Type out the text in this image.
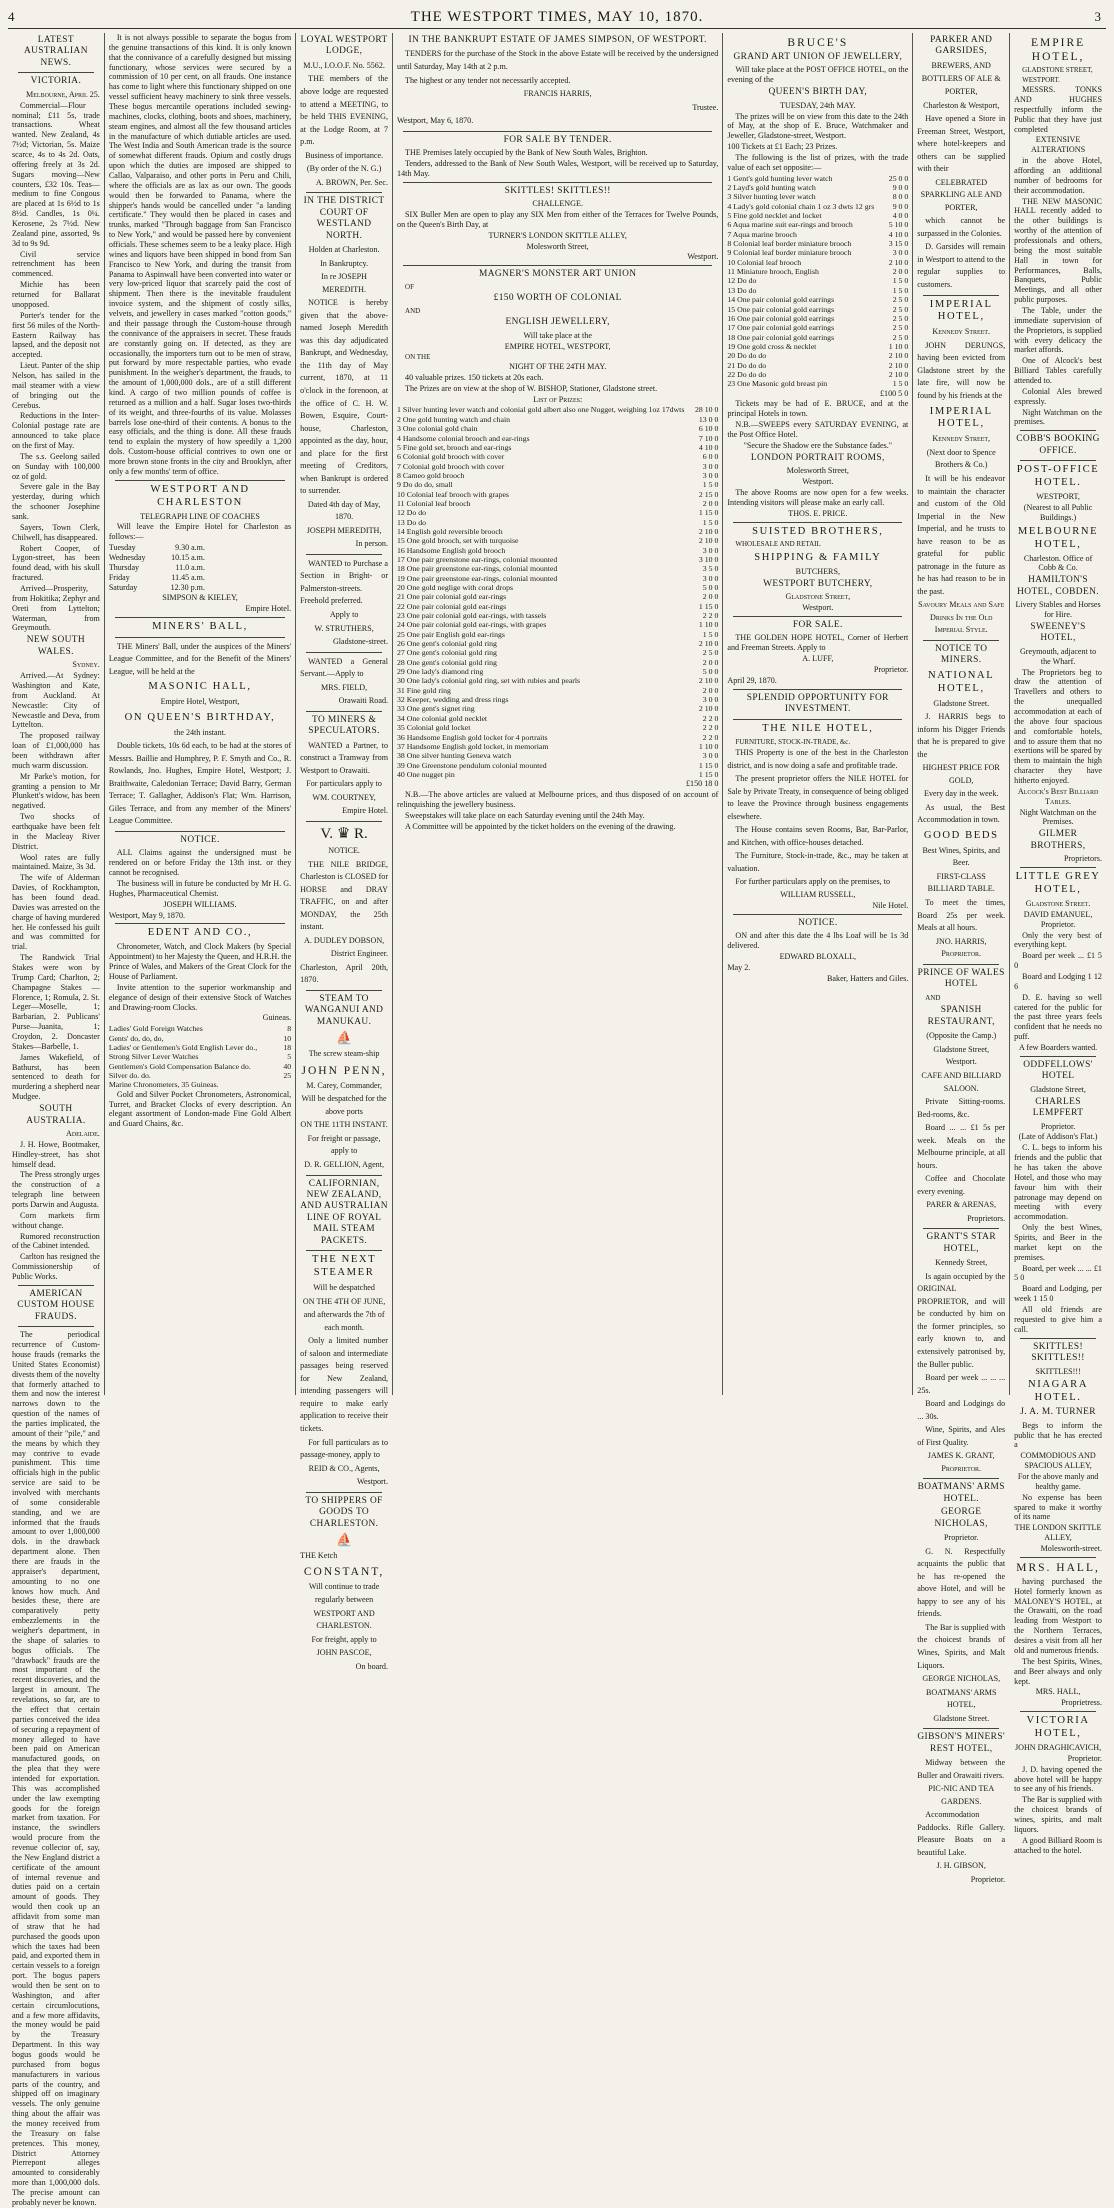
4	THE WESTPORT TIMES, MAY 10, 1870.	3
LATEST AUSTRALIAN NEWS.
VICTORIA.

Melbourne, April 25.

Commercial—Flour nominal; £11 5s, trade transactions. Wheat wanted. New Zealand, 4s 7½d; Victorian, 5s. Maize scarce, 4s to 4s 2d. Oats, offering freely at 3s 2d. Sugars moving—New counters, £32 10s. Teas—medium to fine Congous are placed at 1s 6½d to 1s 8½d. Candles, 1s 0¼. Kerosene, 2s 7½d. New Zealand pine, assorted, 9s 3d to 9s 9d.

Civil service retrenchment has been commenced.

Michie has been returned for Ballarat unopposed.

Porter's tender for the first 56 miles of the North-Eastern Railway has lapsed, and the deposit not accepted.

Lieut. Panter of the ship Nelson, has sailed in the mail steamer with a view of bringing out the Cerebus.

Reductions in the Inter-Colonial postage rate are announced to take place on the first of May.

The s.s. Geelong sailed on Sunday with 100,000 oz of gold.

Severe gale in the Bay yesterday, during which the schooner Josephine sank.

Sayers, Town Clerk, Chilwell, has disappeared.

Robert Cooper, of Lygon-street, has been found dead, with his skull fractured.

Arrived—Prosperity, from Hokitika; Zephyr and Oreti from Lyttelton; Waterman, from Greymouth.

NEW SOUTH WALES.

Sydney.

Arrived.—At Sydney: Washington and Kate, from Auckland. At Newcastle: City of Newcastle and Deva, from Lyttelton.

The proposed railway loan of £1,000,000 has been withdrawn after much warm discussion.

Mr Parke's motion, for granting a pension to Mr Plunkett's widow, has been negatived.

Two shocks of earthquake have been felt in the Macleay River District.

Wool rates are fully maintained. Maize, 3s 3d.

The wife of Alderman Davies, of Rockhampton, has been found dead. Davies was arrested on the charge of having murdered her. He confessed his guilt and was committed for trial.

The Randwick Trial Stakes were won by Trump Card; Charlton, 2; Champagne Stakes — Florence, 1; Romula, 2. St. Leger—Moselle, 1; Barbarian, 2. Publicans' Purse—Juanita, 1; Croydon, 2. Doncaster Stakes—Barbelle, 1.

James Wakefield, of Bathurst, has been sentenced to death for murdering a shepherd near Mudgee.

SOUTH AUSTRALIA.

Adelaide.

J. H. Howe, Bootmaker, Hindley-street, has shot himself dead.

The Press strongly urges the construction of a telegraph line between ports Darwin and Augusta.

Corn markets firm without change.

Rumored reconstruction of the Cabinet intended.

Carlton has resigned the Commissionership of Public Works.

AMERICAN CUSTOM HOUSE FRAUDS.

The periodical recurrence of Custom-house frauds (remarks the United States Economist) divests them of the novelty that formerly attached to them and now the interest narrows down to the question of the names of the parties implicated, the amount of their "pile," and the means by which they may contrive to evade punishment. This time officials high in the public service are said to be involved with merchants of some considerable standing, and we are informed that the frauds amount to over 1,000,000 dols. in the drawback department alone. Then there are frauds in the appraiser's department, amounting to no one knows how much. And besides these, there are comparatively petty embezzlements in the weigher's department, in the shape of salaries to bogus officials. The "drawback" frauds are the most important of the recent discoveries, and the largest in amount. The revelations, so far, are to the effect that certain parties conceived the idea of securing a repayment of money alleged to have been paid on American manufactured goods, on the plea that they were intended for exportation. This was accomplished under the law exempting goods for the foreign market from taxation. For instance, the swindlers would procure from the revenue collector of, say, the New England district a certificate of the amount of internal revenue and duties paid on a certain amount of goods. They would then cook up an affidavit from some man of straw that he had purchased the goods upon which the taxes had been paid, and exported them in certain vessels to a foreign port. The bogus papers would then be sent on to Washington, and after certain circumlocutions, and a few more affidavits, the money would be paid by the Treasury Department. In this way bogus goods would be purchased from bogus manufacturers in various parts of the country, and shipped off on imaginary vessels. The only genuine thing about the affair was the money received from the Treasury on false pretences. This money, District Attorney Pierrepont alleges amounted to considerably more than 1,000,000 dols. The precise amount can probably never be known.

It is not always possible to separate the bogus from the genuine transactions of this kind. It is only known that the connivance of a carefully designed but missing functionary, whose services were secured by a commission of 10 per cent, on all frauds. One instance has come to light where this functionary shipped on one vessel sufficient heavy machinery to sink three vessels. These bogus mercantile operations included sewing-machines, clocks, clothing, boots and shoes, machinery, steam engines, and almost all the few thousand articles in the manufacture of which dutiable articles are used. The West India and South American trade is the source of somewhat different frauds. Opium and costly drugs upon which the duties are imposed are shipped to Callao, Valparaiso, and other ports in Peru and Chili, where the officials are as lax as our own. The goods would then be forwarded to Panama, where the shipper's hands would be cancelled under "a landing certificate." They would then be placed in cases and trunks, marked "Through baggage from San Francisco to New York," and would be passed here by convenient officials. These schemes seem to be a leaky place. High wines and liquors have been shipped in bond from San Francisco to New York, and during the transit from Panama to Aspinwall have been converted into water or very low-priced liquor that scarcely paid the cost of shipment. Then there is the inevitable fraudulent invoice system, and the shipment of costly silks, velvets, and jewellery in cases marked "cotton goods," and their passage through the Custom-house through the connivance of the appraisers in secret. These frauds are constantly going on. If detected, as they are occasionally, the importers turn out to be men of straw, put forward by more respectable parties, who evade punishment. In the weigher's department, the frauds, to the amount of 1,000,000 dols., are of a still different kind. A cargo of two million pounds of coffee is returned as a million and a half. Sugar loses two-thirds of its weight, and three-fourths of its value. Molasses barrels lose one-third of their contents. A bonus to the easy officials, and the thing is done. All these frauds tend to explain the mystery of how speedily a 1,200 dols. Custom-house official contrives to own one or more brown stone fronts in the city and Brooklyn, after only a few months' term of office.

WESTPORT AND CHARLESTON

TELEGRAPH LINE OF COACHES

Will leave the Empire Hotel for Charleston as follows:—

Tuesday	9.30 a.m.
Wednesday	10.15 a.m.
Thursday	11.0 a.m.
Friday	11.45 a.m.
Saturday	12.30 p.m.

SIMPSON & KIELEY,

Empire Hotel.

MINERS' BALL,

THE Miners' Ball, under the auspices of the Miners' League Committee, and for the Benefit of the Miners' League, will be held at the

MASONIC HALL,

Empire Hotel, Westport,

ON QUEEN'S BIRTHDAY,

the 24th instant.

Double tickets, 10s 6d each, to be had at the stores of Messrs. Baillie and Humphrey, P. F. Smyth and Co., R. Rowlands, Jno. Hughes, Empire Hotel, Westport; J. Braithwaite, Caledonian Terrace; David Barry, German Terrace; T. Gallagher, Addison's Flat; Wm. Harrison, Giles Terrace, and from any member of the Miners' League Committee.

NOTICE.

ALL Claims against the undersigned must be rendered on or before Friday the 13th inst. or they cannot be recognised.

The business will in future be conducted by Mr H. G. Hughes, Pharmaceutical Chemist.

JOSEPH WILLIAMS.

Westport, May 9, 1870.

EDENT AND CO.,

Chronometer, Watch, and Clock Makers (by Special Appointment) to her Majesty the Queen, and H.R.H. the Prince of Wales, and Makers of the Great Clock for the House of Parliament.

Invite attention to the superior workmanship and elegance of design of their extensive Stock of Watches and Drawing-room Clocks.

Guineas.

Ladies' Gold Foreign Watches	8
Gents' do, do, do,	10
Ladies' or Gentlemen's Gold English Lever do.,	18
Strong Silver Lever Watches	5
Gentlemen's Gold Compensation Balance do.	40
Silver do. do.	25
Marine Chronometers, 35 Guineas.

Gold and Silver Pocket Chronometers, Astronomical, Turret, and Bracket Clocks of every description. An elegant assortment of London-made Fine Gold Albert and Guard Chains, &c.

LOYAL WESTPORT LODGE,

M.U., I.O.O.F. No. 5562.

THE members of the above lodge are requested to attend a MEETING, to be held THIS EVENING, at the Lodge Room, at 7 p.m.

Business of importance.

(By order of the N. G.)

A. BROWN, Per. Sec.

IN THE DISTRICT COURT OF WESTLAND NORTH.

Holden at Charleston.

In Bankruptcy.

In re JOSEPH MEREDITH.

NOTICE is hereby given that the above-named Joseph Meredith was this day adjudicated Bankrupt, and Wednesday, the 11th day of May current, 1870, at 11 o'clock in the forenoon, at the office of C. H. W. Bowen, Esquire, Court-house, Charleston, appointed as the day, hour, and place for the first meeting of Creditors, when Bankrupt is ordered to surrender.

Dated 4th day of May, 1870.

JOSEPH MEREDITH,

In person.

WANTED to Purchase a Section in Bright- or Palmerston-streets. Freehold preferred.

Apply to

W. STRUTHERS,

Gladstone-street.

WANTED a General Servant.—Apply to

MRS. FIELD,

Orawaiti Road.

TO MINERS & SPECULATORS.

WANTED a Partner, to construct a Tramway from Westport to Orawaiti.

For particulars apply to

WM. COURTNEY,

Empire Hotel.

V. ♛ R.

NOTICE.

THE NILE BRIDGE, Charleston is CLOSED for HORSE and DRAY TRAFFIC, on and after MONDAY, the 25th instant.

A. DUDLEY DOBSON,

District Engineer.

Charleston, April 20th, 1870.

STEAM TO WANGANUI AND MANUKAU.
⛵

The screw steam-ship

JOHN PENN,

M. Carey, Commander,

Will be despatched for the above ports

ON THE 11TH INSTANT.

For freight or passage, apply to

D. R. GELLION, Agent,

CALIFORNIAN, NEW ZEALAND, AND AUSTRALIAN LINE OF ROYAL MAIL STEAM PACKETS.
THE NEXT STEAMER

Will be despatched

ON THE 4TH OF JUNE,

and afterwards the 7th of each month.

Only a limited number of saloon and intermediate passages being reserved for New Zealand, intending passengers will require to make early application to receive their tickets.

For full particulars as to passage-money, apply to

REID & CO., Agents,

Westport.

TO SHIPPERS OF GOODS TO CHARLESTON.
⛵

THE Ketch

CONSTANT,

Will continue to trade regularly between

WESTPORT AND CHARLESTON.

For freight, apply to

JOHN PASCOE,

On board.

IN THE BANKRUPT ESTATE OF JAMES SIMPSON, OF WESTPORT.

TENDERS for the purchase of the Stock in the above Estate will be received by the undersigned until Saturday, May 14th at 2 p.m.

The highest or any tender not necessarily accepted.

FRANCIS HARRIS,

Trustee.

Westport, May 6, 1870.

FOR SALE BY TENDER.

THE Premises lately occupied by the Bank of New South Wales, Brighton.

Tenders, addressed to the Bank of New South Wales, Westport, will be received up to Saturday, 14th May.

SKITTLES! SKITTLES!!

CHALLENGE.

SIX Buller Men are open to play any SIX Men from either of the Terraces for Twelve Pounds, on the Queen's Birth Day, at

TURNER'S LONDON SKITTLE ALLEY,

Molesworth Street,

Westport.

MAGNER'S MONSTER ART UNION

OF

£150 WORTH OF COLONIAL

AND

ENGLISH JEWELLERY,

Will take place at the

EMPIRE HOTEL, WESTPORT,

ON THE

NIGHT OF THE 24TH MAY.

40 valuable prizes. 150 tickets at 20s each.

The Prizes are on view at the shop of W. BISHOP, Stationer, Gladstone street.

List of Prizes:

1 Silver hunting lever watch and colonial gold albert also one Nugget, weighing 1oz 17dwts	28 10 0
2 One gold hunting watch and chain	13 0 0
3 One colonial gold chain	6 10 0
4 Handsome colonial brooch and ear-rings	7 10 0
5 Fine gold set, brooch and ear-rings	4 10 0
6 Colonial gold brooch with cover	6 0 0
7 Colonial gold brooch with cover	3 0 0
8 Cameo gold brooch	3 0 0
9 Do do do, small	1 5 0
10 Colonial leaf brooch with grapes	2 15 0
11 Colonial leaf brooch	2 0 0
12 Do do	1 15 0
13 Do do	1 5 0
14 English gold reversible brooch	2 10 0
15 One gold brooch, set with turquoise	2 10 0
16 Handsome English gold brooch	3 0 0
17 One pair greenstone ear-rings, colonial mounted	3 10 0
18 One pair greenstone ear-rings, colonial mounted	3 5 0
19 One pair greenstone ear-rings, colonial mounted	3 0 0
20 One gold neglige with coral drops	5 0 0
21 One pair colonial gold ear-rings	2 0 0
22 One pair colonial gold ear-rings	1 15 0
23 One pair colonial gold ear-rings, with tassels	2 2 0
24 One pair colonial gold ear-rings, with grapes	1 10 0
25 One pair English gold ear-rings	1 5 0
26 One gent's colonial gold ring	2 10 0
27 One gent's colonial gold ring	2 5 0
28 One gent's colonial gold ring	2 0 0
29 One lady's diamond ring	5 0 0
30 One lady's colonial gold ring, set with rubies and pearls	2 10 0
31 Fine gold ring	2 0 0
32 Keeper, wedding and dress rings	3 0 0
33 One gent's signet ring	2 10 0
34 One colonial gold necklet	2 2 0
35 Colonial gold locket	2 2 0
36 Handsome English gold locket for 4 portraits	2 2 0
37 Handsome English gold locket, in memoriam	1 10 0
38 One silver hunting Geneva watch	3 0 0
39 One Greenstone pendulum colonial mounted	1 15 0
40 One nugget pin	1 15 0

£150 18 0

N.B.—The above articles are valued at Melbourne prices, and thus disposed of on account of relinquishing the jewellery business.

Sweepstakes will take place on each Saturday evening until the 24th May.

A Committee will be appointed by the ticket holders on the evening of the drawing.

BRUCE'S
GRAND ART UNION OF JEWELLERY,

Will take place at the POST OFFICE HOTEL, on the evening of the

QUEEN'S BIRTH DAY,

TUESDAY, 24th MAY.

The prizes will be on view from this date to the 24th of May, at the shop of E. Bruce, Watchmaker and Jeweller, Gladstone-street, Westport.

100 Tickets at £1 Each; 23 Prizes.

The following is the list of prizes, with the trade value of each set opposite:—

1 Gent's gold hunting lever watch	25 0 0
2 Layd's gold hunting watch	9 0 0
3 Silver hunting lever watch	8 0 0
4 Lady's gold colonial chain 1 oz 3 dwts 12 grs	9 0 0
5 Fine gold necklet and locket	4 0 0
6 Aqua marine suit ear-rings and brooch	5 10 0
7 Aqua marine brooch	4 10 0
8 Colonial leaf border miniature brooch	3 15 0
9 Colonial leaf border miniature brooch	3 0 0
10 Colonial leaf brooch	2 10 0
11 Miniature brooch, English	2 0 0
12 Do do	1 5 0
13 Do do	1 5 0
14 One pair colonial gold earrings	2 5 0
15 One pair colonial gold earrings	2 5 0
16 One pair colonial gold earrings	2 5 0
17 One pair colonial gold earrings	2 5 0
18 One pair colonial gold earrings	2 5 0
19 One gold cross & necklet	1 10 0
20 Do do do	2 10 0
21 Do do do	2 10 0
22 Do do do	2 10 0
23 One Masonic gold breast pin	1 5 0

£100 5 0

Tickets may be had of E. BRUCE, and at the principal Hotels in town.

N.B.—SWEEPS every SATURDAY EVENING, at the Post Office Hotel.

"Secure the Shadow ere the Substance fades."

LONDON PORTRAIT ROOMS,

Molesworth Street,

Westport.

The above Rooms are now open for a few weeks. Intending visitors will please make an early call.

THOS. E. PRICE.

SUISTED BROTHERS,

WHOLESALE AND RETAIL

SHIPPING & FAMILY

BUTCHERS,

WESTPORT BUTCHERY,

Gladstone Street,

Westport.

FOR SALE.

THE GOLDEN HOPE HOTEL, Corner of Herbert and Freeman Streets. Apply to

A. LUFF,

Proprietor.

April 29, 1870.

SPLENDID OPPORTUNITY FOR INVESTMENT.
THE NILE HOTEL,

FURNITURE, STOCK-IN-TRADE, &c.

THIS Property is one of the best in the Charleston district, and is now doing a safe and profitable trade.

The present proprietor offers the NILE HOTEL for Sale by Private Treaty, in consequence of being obliged to leave the Province through business engagements elsewhere.

The House contains seven Rooms, Bar, Bar-Parlor, and Kitchen, with office-houses detached.

The Furniture, Stock-in-trade, &c., may be taken at valuation.

For further particulars apply on the premises, to

WILLIAM RUSSELL,

Nile Hotel.

NOTICE.

ON and after this date the 4 lbs Loaf will be 1s 3d delivered.

EDWARD BLOXALL,

May 2.

Baker, Hatters and Giles.

PARKER AND GARSIDES,

BREWERS, AND

BOTTLERS OF ALE & PORTER,

Charleston & Westport,

Have opened a Store in Freeman Street, Westport, where hotel-keepers and others can be supplied with their

CELEBRATED SPARKLING ALE AND PORTER,

which cannot be surpassed in the Colonies.

D. Garsides will remain in Westport to attend to the regular supplies to customers.

IMPERIAL HOTEL,

Kennedy Street.

JOHN DERUNGS, having been evicted from Gladstone street by the late fire, will now be found by his friends at the

IMPERIAL HOTEL,

Kennedy Street,

(Next door to Spence Brothers & Co.)

It will be his endeavor to maintain the character and custom of the Old Imperial in the New Imperial, and he trusts to have reason to be as grateful for public patronage in the future as he has had reason to be in the past.

Savoury Meals and Safe Drinks In the Old Imperial Style.

NOTICE TO MINERS.
NATIONAL HOTEL,

Gladstone Street.

J. HARRIS begs to inform his Digger Friends that he is prepared to give the

HIGHEST PRICE FOR GOLD,

Every day in the week.

As usual, the Best Accommodation in town.

GOOD BEDS

Best Wines, Spirits, and Beer.

FIRST-CLASS BILLIARD TABLE.

To meet the times, Board 25s per week. Meals at all hours.

JNO. HARRIS, Proprietor.

PRINCE OF WALES HOTEL

AND

SPANISH RESTAURANT,

(Opposite the Camp.)

Gladstone Street, Westport.

CAFE AND BILLIARD SALOON.

Private Sitting-rooms. Bed-rooms, &c.

Board ... ... £1 5s per week. Meals on the Melbourne principle, at all hours.

Coffee and Chocolate every evening.

PARER & ARENAS,

Proprietors.

GRANT'S STAR HOTEL,

Kennedy Street,

Is again occupied by the ORIGINAL PROPRIETOR, and will be conducted by him on the former principles, so early known to, and extensively patronised by, the Buller public.

Board per week ... ... ... 25s.

Board and Lodgings do ... 30s.

Wine, Spirits, and Ales of First Quality.

JAMES K. GRANT, Proprietor.

BOATMANS' ARMS HOTEL.
GEORGE NICHOLAS,

Proprietor.

G. N. Respectfully acquaints the public that he has re-opened the above Hotel, and will be happy to see any of his friends.

The Bar is supplied with the choicest brands of Wines, Spirits, and Malt Liquors.

GEORGE NICHOLAS,

BOATMANS' ARMS HOTEL,

Gladstone Street.

GIBSON'S MINERS' REST HOTEL,

Midway between the Buller and Orawaiti rivers.

PIC-NIC AND TEA GARDENS.

Accommodation Paddocks. Rifle Gallery. Pleasure Boats on a beautiful Lake.

J. H. GIBSON,

Proprietor.

EMPIRE HOTEL,

GLADSTONE STREET,

WESTPORT.

MESSRS. TONKS AND HUGHES respectfully inform the Public that they have just completed

EXTENSIVE ALTERATIONS

in the above Hotel, affording an additional number of bedrooms for their accommodation.

THE NEW MASONIC HALL recently added to the other buildings is worthy of the attention of professionals and others, being the most suitable Hall in town for Performances, Balls, Banquets, Public Meetings, and all other public purposes.

The Table, under the immediate supervision of the Proprietors, is supplied with every delicacy the market affords.

One of Alcock's best Billiard Tables carefully attended to.

Colonial Ales brewed expressly.

Night Watchman on the premises.

COBB'S BOOKING OFFICE.
POST-OFFICE HOTEL.

WESTPORT,

(Nearest to all Public Buildings.)

MELBOURNE HOTEL,

Charleston. Office of Cobb & Co.

HAMILTON'S HOTEL, COBDEN.

Livery Stables and Horses for Hire.

SWEENEY'S HOTEL,

Greymouth, adjacent to the Wharf.

The Proprietors beg to draw the attention of Travellers and others to the unequalled accommodation at each of the above four spacious and comfortable hotels, and to assure them that no exertions will be spared by them to maintain the high character they have hitherto enjoyed.

Alcock's Best Billiard Tables.

Night Watchman on the Premises.

GILMER BROTHERS,

Proprietors.

LITTLE GREY HOTEL,

Gladstone Street.

DAVID EMANUEL, Proprietor.

Only the very best of everything kept.

Board per week ... £1 5 0

Board and Lodging 1 12 6

D. E. having so well catered for the public for the past three years feels confident that he needs no puff.

A few Boarders wanted.

ODDFELLOWS' HOTEL

Gladstone Street,

CHARLES LEMPFERT

Proprietor.

(Late of Addison's Flat.)

C. L. begs to inform his friends and the public that he has taken the above Hotel, and those who may favour him with their patronage may depend on meeting with every accommodation.

Only the best Wines, Spirits, and Beer in the market kept on the premises.

Board, per week ... ... £1 5 0

Board and Lodging, per week 1 15 0

All old friends are requested to give him a call.

SKITTLES! SKITTLES!!

SKITTLES!!!

NIAGARA HOTEL.
J. A. M. TURNER

Begs to inform the public that he has erected a

COMMODIOUS AND SPACIOUS ALLEY,

For the above manly and healthy game.

No expense has been spared to make it worthy of its name

THE LONDON SKITTLE ALLEY,

Molesworth-street.

MRS. HALL,

having purchased the Hotel formerly known as MALONEY'S HOTEL, at the Orawaiti, on the road leading from Westport to the Northern Terraces, desires a visit from all her old and numerous friends.

The best Spirits, Wines, and Beer always and only kept.

MRS. HALL,

Proprietress.

VICTORIA HOTEL,

JOHN DRAGHICAVICH,

Proprietor.

J. D. having opened the above hotel will be happy to see any of his friends.

The Bar is supplied with the choicest brands of wines, spirits, and malt liquors.

A good Billiard Room is attached to the hotel.
